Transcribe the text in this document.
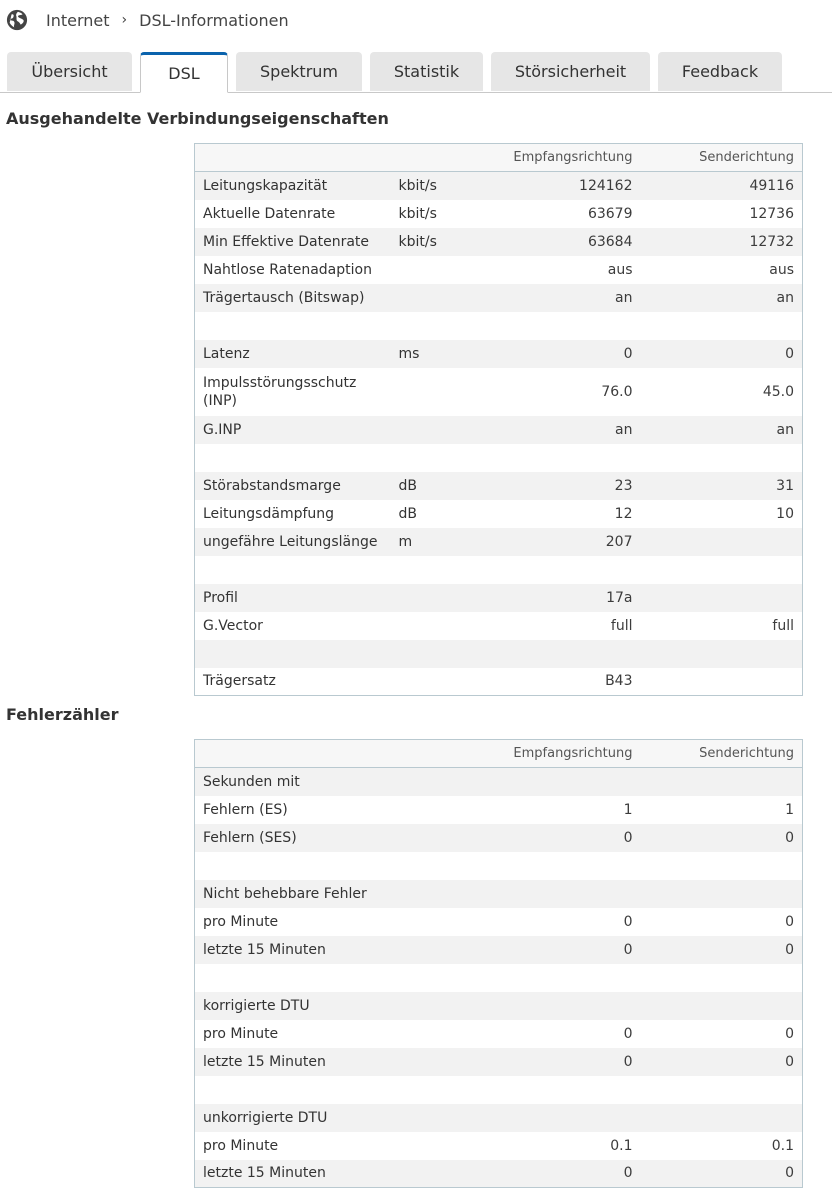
Internet › DSL-Informationen
Übersicht	DSL	Spektrum	Statistik	Störsicherheit	Feedback
Ausgehandelte Verbindungseigenschaften
		Empfangsrichtung	Senderichtung
Leitungskapazität	kbit/s	124162	49116
Aktuelle Datenrate	kbit/s	63679	12736
Min Effektive Datenrate	kbit/s	63684	12732
Nahtlose Ratenadaption		aus	aus
Trägertausch (Bitswap)		an	an

Latenz	ms	0	0
Impulsstörungsschutz (INP)		76.0	45.0
G.INP		an	an

Störabstandsmarge	dB	23	31
Leitungsdämpfung	dB	12	10
ungefähre Leitungslänge	m	207	

Profil		17a	
G.Vector		full	full

Trägersatz		B43	
Fehlerzähler
	Empfangsrichtung	Senderichtung
Sekunden mit		
Fehlern (ES)	1	1
Fehlern (SES)	0	0

Nicht behebbare Fehler		
pro Minute	0	0
letzte 15 Minuten	0	0

korrigierte DTU		
pro Minute	0	0
letzte 15 Minuten	0	0

unkorrigierte DTU		
pro Minute	0.1	0.1
letzte 15 Minuten	0	0
